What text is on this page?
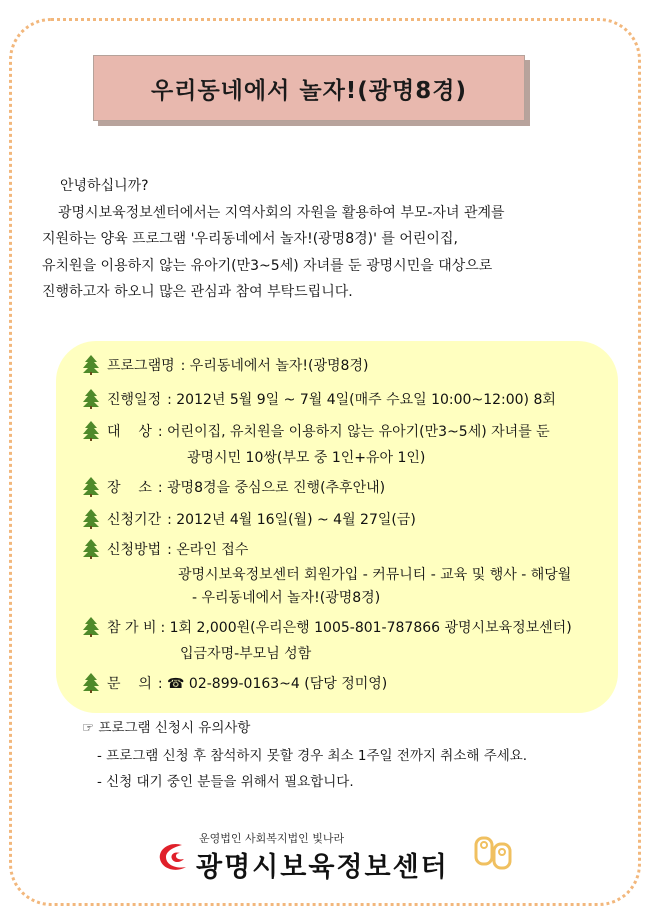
우리동네에서 놀자!(광명8경)
안녕하십니까?
광명시보육정보센터에서는 지역사회의 자원을 활용하여 부모-자녀 관계를
지원하는 양육 프로그램 '우리동네에서 놀자!(광명8경)' 를 어린이집,
유치원을 이용하지 않는 유아기(만3~5세) 자녀를 둔 광명시민을 대상으로
진행하고자 하오니 많은 관심과 참여 부탁드립니다.
프로그램명 : 우리동네에서 놀자!(광명8경)
진행일정 : 2012년 5월 9일 ~ 7월 4일(매주 수요일 10:00~12:00) 8회
대    상 : 어린이집, 유치원을 이용하지 않는 유아기(만3~5세) 자녀를 둔
광명시민 10쌍(부모 중 1인+유아 1인)
장    소 : 광명8경을 중심으로 진행(추후안내)
신청기간 : 2012년 4월 16일(월) ~ 4월 27일(금)
신청방법 : 온라인 접수
광명시보육정보센터 회원가입 - 커뮤니티 - 교육 및 행사 - 해당월
- 우리동네에서 놀자!(광명8경)
참 가 비 : 1회 2,000원(우리은행 1005-801-787866 광명시보육정보센터)
입금자명-부모님 성함
문    의 : ☎ 02-899-0163~4 (담당 정미영)
☞ 프로그램 신청시 유의사항
- 프로그램 신청 후 참석하지 못할 경우 최소 1주일 전까지 취소해 주세요.
- 신청 대기 중인 분들을 위해서 필요합니다.
운영법인 사회복지법인 빛나라
광명시보육정보센터
